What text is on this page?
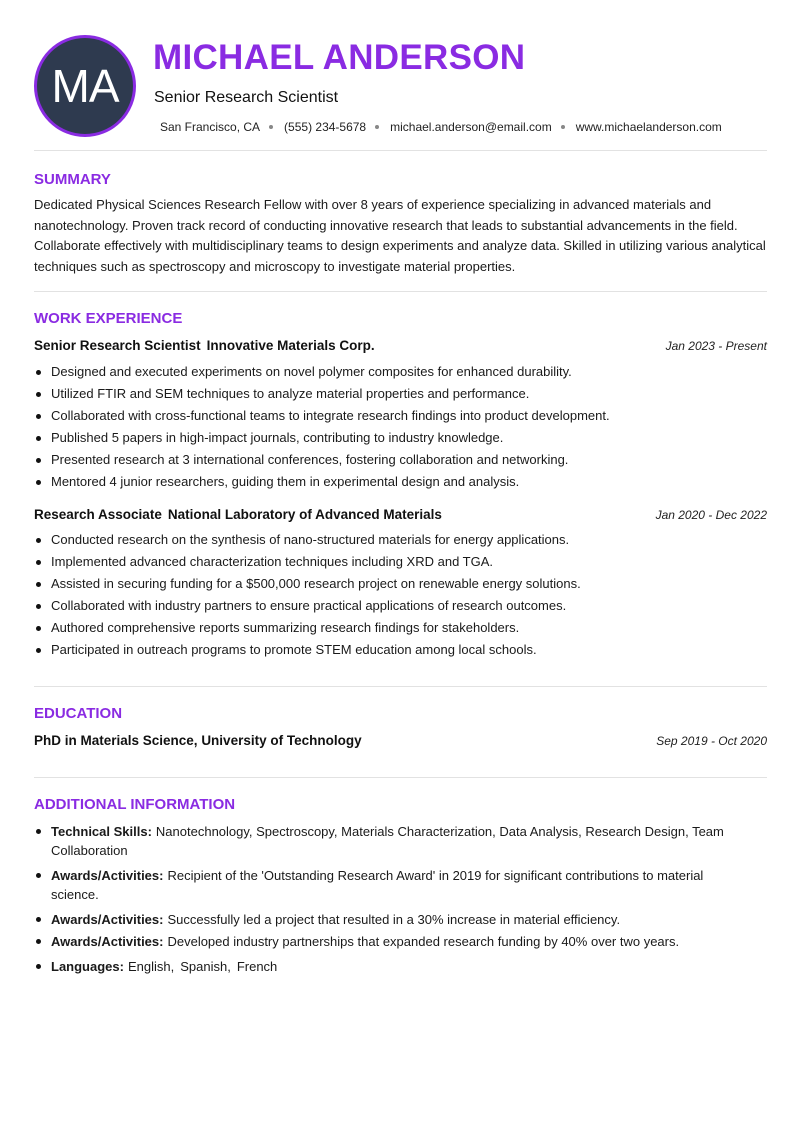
MA
MICHAEL ANDERSON
Senior Research Scientist
San Francisco, CA (555) 234-5678 michael.anderson@email.com www.michaelanderson.com
SUMMARY
Dedicated Physical Sciences Research Fellow with over 8 years of experience specializing in advanced materials and nanotechnology. Proven track record of conducting innovative research that leads to substantial advancements in the field. Collaborate effectively with multidisciplinary teams to design experiments and analyze data. Skilled in utilizing various analytical techniques such as spectroscopy and microscopy to investigate material properties.
WORK EXPERIENCE
Senior Research Scientist Innovative Materials Corp.	Jan 2023 - Present
Designed and executed experiments on novel polymer composites for enhanced durability.
Utilized FTIR and SEM techniques to analyze material properties and performance.
Collaborated with cross-functional teams to integrate research findings into product development.
Published 5 papers in high-impact journals, contributing to industry knowledge.
Presented research at 3 international conferences, fostering collaboration and networking.
Mentored 4 junior researchers, guiding them in experimental design and analysis.
Research Associate National Laboratory of Advanced Materials	Jan 2020 - Dec 2022
Conducted research on the synthesis of nano-structured materials for energy applications.
Implemented advanced characterization techniques including XRD and TGA.
Assisted in securing funding for a $500,000 research project on renewable energy solutions.
Collaborated with industry partners to ensure practical applications of research outcomes.
Authored comprehensive reports summarizing research findings for stakeholders.
Participated in outreach programs to promote STEM education among local schools.
EDUCATION
PhD in Materials Science, University of Technology	Sep 2019 - Oct 2020
ADDITIONAL INFORMATION
Technical Skills: Nanotechnology, Spectroscopy, Materials Characterization, Data Analysis, Research Design, Team Collaboration
Awards/Activities: Recipient of the 'Outstanding Research Award' in 2019 for significant contributions to material science.
Awards/Activities: Successfully led a project that resulted in a 30% increase in material efficiency.
Awards/Activities: Developed industry partnerships that expanded research funding by 40% over two years.
Languages: English, Spanish, French
